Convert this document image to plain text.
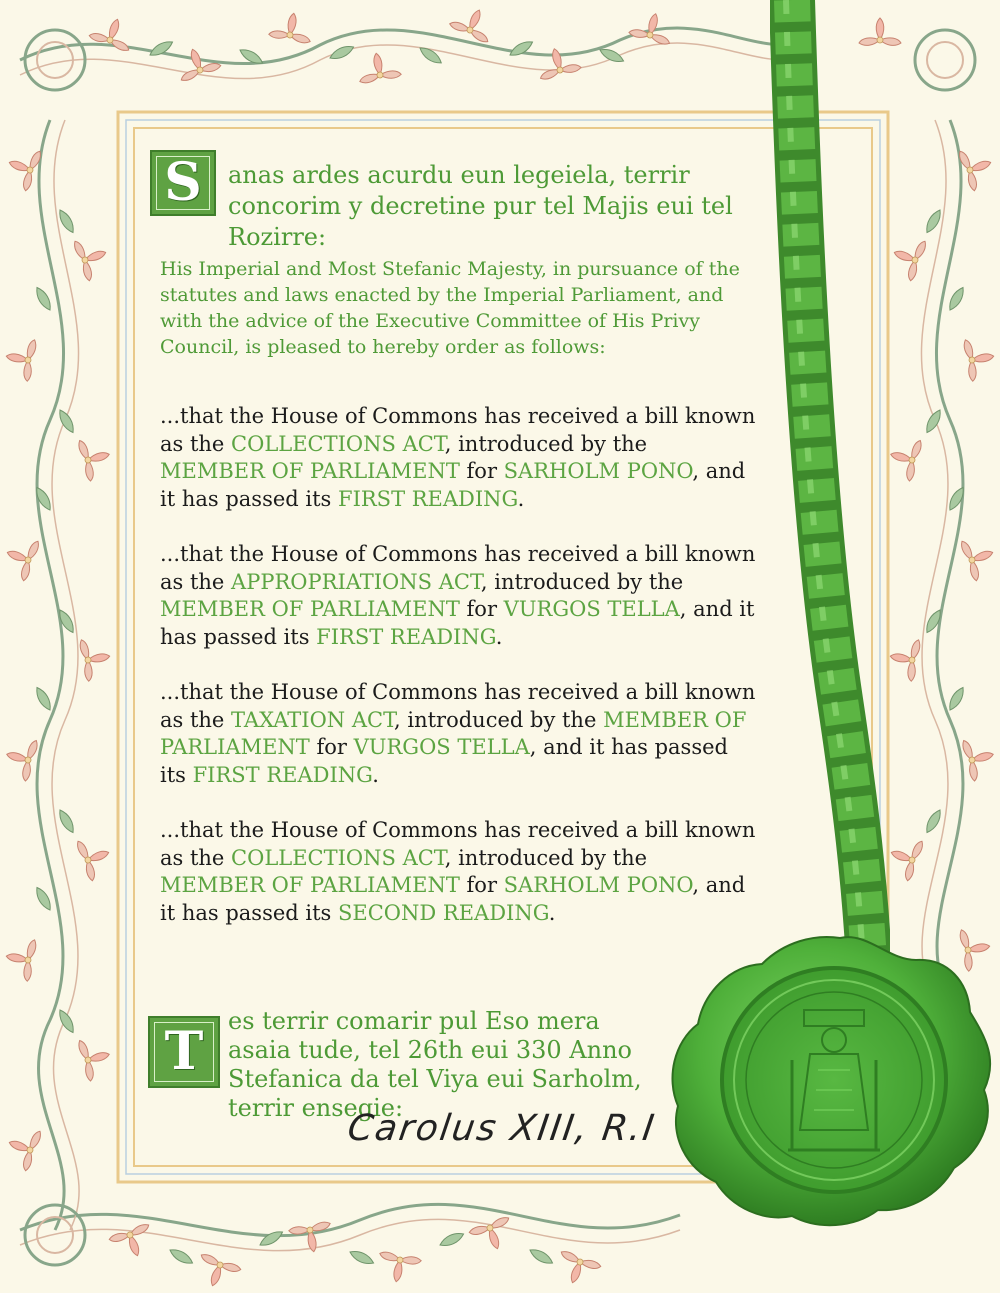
S	anas ardes acurdu eun legeiela, terrir concorim y decretine pur tel Majis eui tel Rozirre:
His Imperial and Most Stefanic Majesty, in pursuance of the statutes and laws enacted by the Imperial Parliament, and with the advice of the Executive Committee of His Privy Council, is pleased to hereby order as follows:
...that the House of Commons has received a bill known as the COLLECTIONS ACT, introduced by the MEMBER OF PARLIAMENT for SARHOLM PONO, and it has passed its FIRST READING.
...that the House of Commons has received a bill known as the APPROPRIATIONS ACT, introduced by the MEMBER OF PARLIAMENT for VURGOS TELLA, and it has passed its FIRST READING.
...that the House of Commons has received a bill known as the TAXATION ACT, introduced by the MEMBER OF PARLIAMENT for VURGOS TELLA, and it has passed its FIRST READING.
...that the House of Commons has received a bill known as the COLLECTIONS ACT, introduced by the MEMBER OF PARLIAMENT for SARHOLM PONO, and it has passed its SECOND READING.
T	es terrir comarir pul Eso mera asaia tude, tel 26th eui 330 Anno Stefanica da tel Viya eui Sarholm, terrir ensegie:
Carolus XIII, R.I
